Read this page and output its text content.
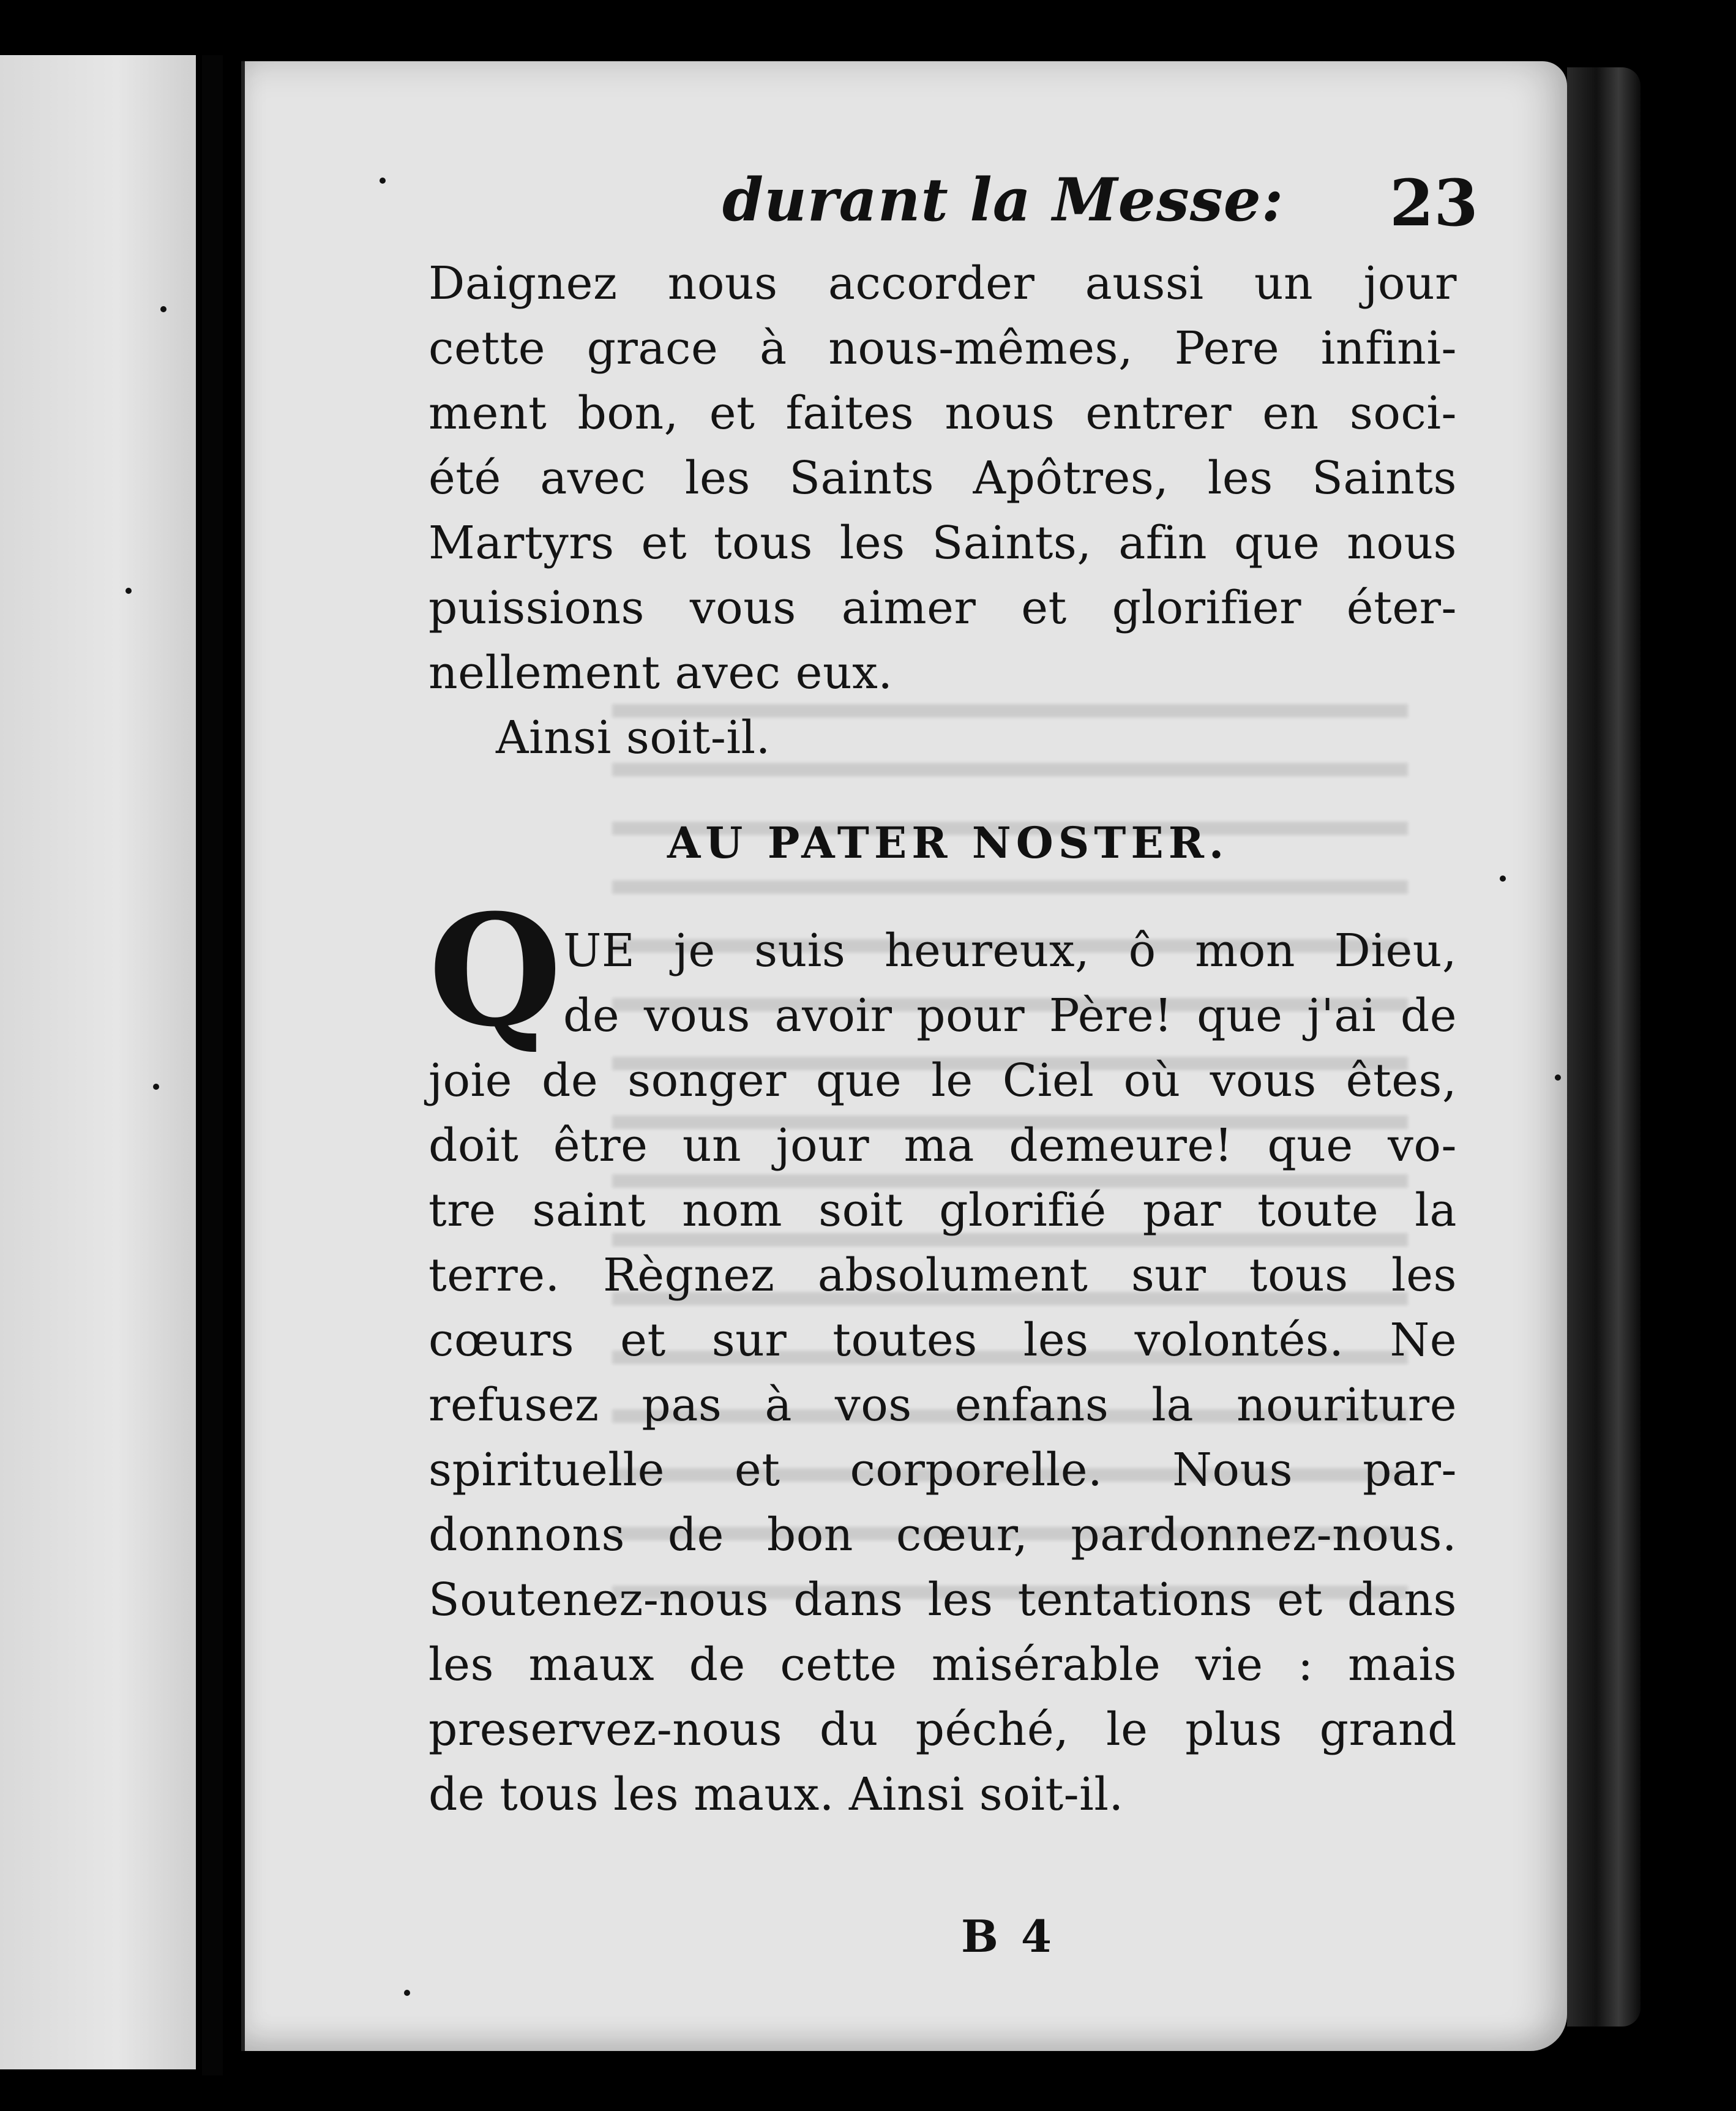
durant la Messe: 23
Daignez nous accorder aussi un jour
cette grace à nous-mêmes, Pere infini-
ment bon, et faites nous entrer en soci-
été avec les Saints Apôtres, les Saints
Martyrs et tous les Saints, afin que nous
puissions vous aimer et glorifier éter-
nellement avec eux.
Ainsi soit-il.
AU PATER NOSTER.
Q UE je suis heureux, ô mon Dieu,
de vous avoir pour Père! que j'ai de
joie de songer que le Ciel où vous êtes,
doit être un jour ma demeure! que vo-
tre saint nom soit glorifié par toute la
terre. Règnez absolument sur tous les
cœurs et sur toutes les volontés. Ne
refusez pas à vos enfans la nouriture
spirituelle et corporelle. Nous par-
donnons de bon cœur, pardonnez-nous.
Soutenez-nous dans les tentations et dans
les maux de cette misérable vie : mais
preservez-nous du péché, le plus grand
de tous les maux. Ainsi soit-il.
B 4
